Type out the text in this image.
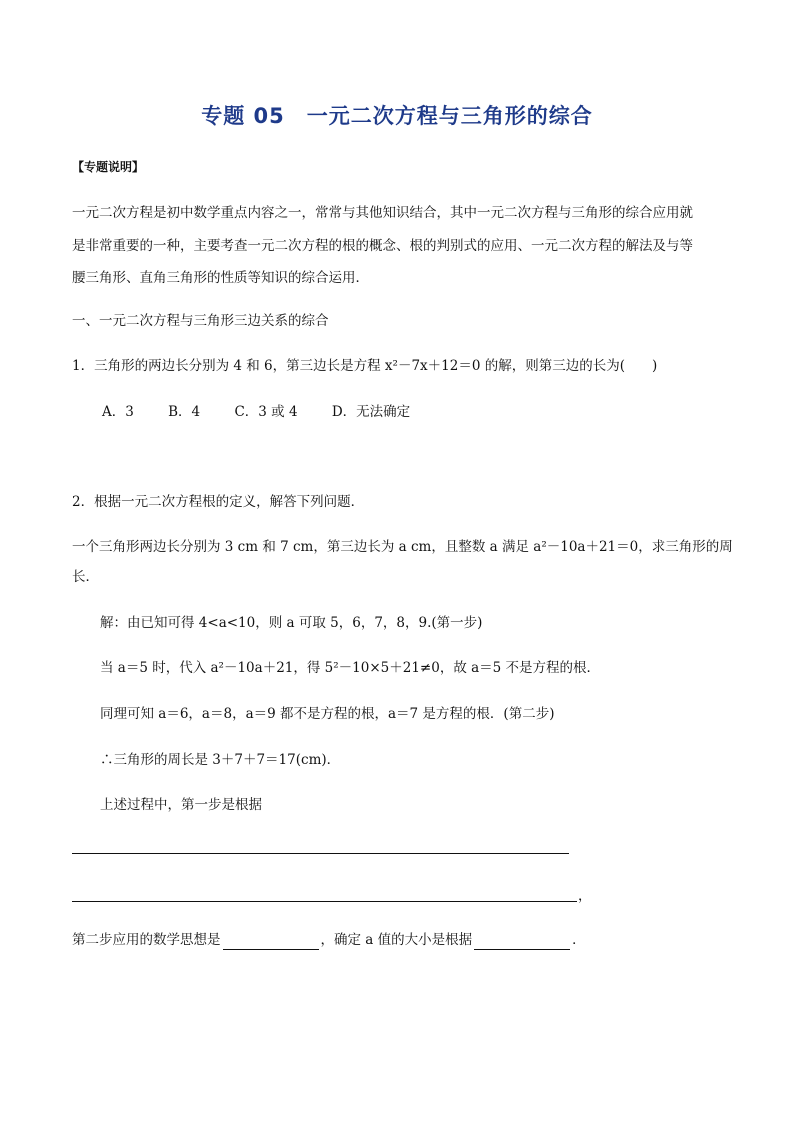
专题 05　一元二次方程与三角形的综合
【专题说明】
一元二次方程是初中数学重点内容之一，常常与其他知识结合，其中一元二次方程与三角形的综合应用就
是非常重要的一种，主要考查一元二次方程的根的概念、根的判别式的应用、一元二次方程的解法及与等
腰三角形、直角三角形的性质等知识的综合运用．
一、一元二次方程与三角形三边关系的综合
1．三角形的两边长分别为 4 和 6，第三边长是方程 x²－7x＋12＝0 的解，则第三边的长为(　　)
A．3	B．4	C．3 或 4	D．无法确定
2．根据一元二次方程根的定义，解答下列问题．
一个三角形两边长分别为 3 cm 和 7 cm，第三边长为 a cm，且整数 a 满足 a²－10a＋21＝0，求三角形的周
长．
解：由已知可得 4<a<10，则 a 可取 5，6，7，8，9.(第一步)
当 a＝5 时，代入 a²－10a＋21，得 5²－10×5＋21≠0，故 a＝5 不是方程的根．
同理可知 a＝6，a＝8，a＝9 都不是方程的根，a＝7 是方程的根．(第二步)
∴三角形的周长是 3＋7＋7＝17(cm)．
上述过程中，第一步是根据
，
第二步应用的数学思想是	，确定 a 值的大小是根据	．
